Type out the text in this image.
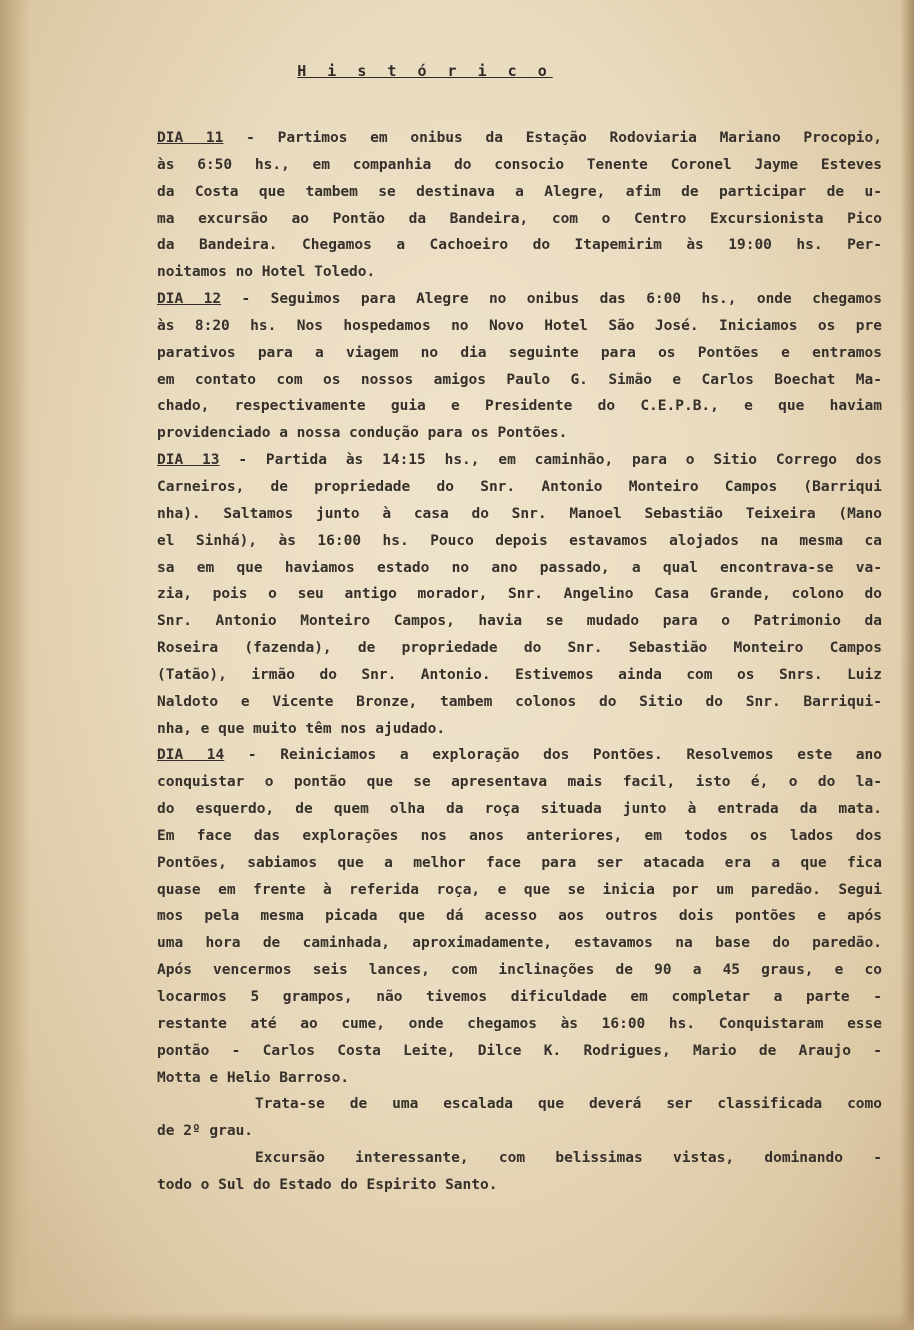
H i s t ó r i c o
DIA 11 - Partimos em onibus da Estação Rodoviaria Mariano Procopio,
às 6:50 hs., em companhia do consocio Tenente Coronel Jayme Esteves
da Costa que tambem se destinava a Alegre, afim de participar de u-
ma excursão ao Pontão da Bandeira, com o Centro Excursionista Pico
da Bandeira. Chegamos a Cachoeiro do Itapemirim às 19:00 hs. Per-
noitamos no Hotel Toledo.
DIA 12 - Seguimos para Alegre no onibus das 6:00 hs., onde chegamos
às 8:20 hs. Nos hospedamos no Novo Hotel São José. Iniciamos os pre
parativos para a viagem no dia seguinte para os Pontões e entramos
em contato com os nossos amigos Paulo G. Simão e Carlos Boechat Ma-
chado, respectivamente guia e Presidente do C.E.P.B., e que haviam
providenciado a nossa condução para os Pontões.
DIA 13 - Partida às 14:15 hs., em caminhão, para o Sitio Corrego dos
Carneiros, de propriedade do Snr. Antonio Monteiro Campos (Barriqui
nha). Saltamos junto à casa do Snr. Manoel Sebastião Teixeira (Mano
el Sinhá), às 16:00 hs. Pouco depois estavamos alojados na mesma ca
sa em que haviamos estado no ano passado, a qual encontrava-se va-
zia, pois o seu antigo morador, Snr. Angelino Casa Grande, colono do
Snr. Antonio Monteiro Campos, havia se mudado para o Patrimonio da
Roseira (fazenda), de propriedade do Snr. Sebastião Monteiro Campos
(Tatão), irmão do Snr. Antonio. Estivemos ainda com os Snrs. Luiz
Naldoto e Vicente Bronze, tambem colonos do Sitio do Snr. Barriqui-
nha, e que muito têm nos ajudado.
DIA 14 - Reiniciamos a exploração dos Pontões. Resolvemos este ano
conquistar o pontão que se apresentava mais facil, isto é, o do la-
do esquerdo, de quem olha da roça situada junto à entrada da mata.
Em face das explorações nos anos anteriores, em todos os lados dos
Pontões, sabiamos que a melhor face para ser atacada era a que fica
quase em frente à referida roça, e que se inicia por um paredão. Segui
mos pela mesma picada que dá acesso aos outros dois pontões e após
uma hora de caminhada, aproximadamente, estavamos na base do paredão.
Após vencermos seis lances, com inclinações de 90 a 45 graus, e co
locarmos 5 grampos, não tivemos dificuldade em completar a parte -
restante até ao cume, onde chegamos às 16:00 hs. Conquistaram esse
pontão - Carlos Costa Leite, Dilce K. Rodrigues, Mario de Araujo -
Motta e Helio Barroso.
Trata-se de uma escalada que deverá ser classificada como
de 2º grau.
Excursão interessante, com belissimas vistas, dominando -
todo o Sul do Estado do Espirito Santo.
